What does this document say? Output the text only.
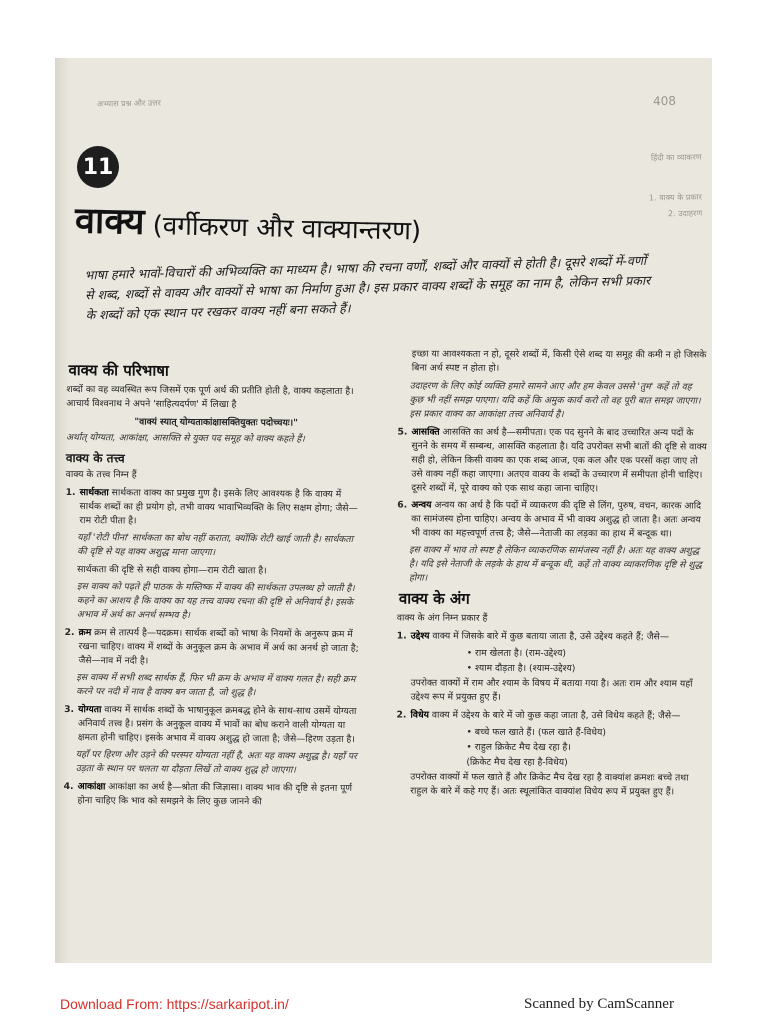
अभ्यास प्रश्न और उत्तर	408
हिंदी का व्याकरण
1. वाक्य के प्रकार
2. उदाहरण
11
वाक्य (वर्गीकरण और वाक्यान्तरण)
भाषा हमारे भावों-विचारों की अभिव्यक्ति का माध्यम है। भाषा की रचना वर्णों, शब्दों और वाक्यों से होती है। दूसरे शब्दों में-वर्णों से शब्द, शब्दों से वाक्य और वाक्यों से भाषा का निर्माण हुआ है। इस प्रकार वाक्य शब्दों के समूह का नाम है, लेकिन सभी प्रकार के शब्दों को एक स्थान पर रखकर वाक्य नहीं बना सकते हैं।
वाक्य की परिभाषा

शब्दों का वह व्यवस्थित रूप जिसमें एक पूर्ण अर्थ की प्रतीति होती है, वाक्य कहलाता है। आचार्य विश्वनाथ ने अपने 'साहित्यदर्पण' में लिखा है

"वाक्यं स्यात् योग्यताकांक्षासक्तियुक्तः पदोच्चयः।"

अर्थात् योग्यता, आकांक्षा, आसक्ति से युक्त पद समूह को वाक्य कहते हैं।

वाक्य के तत्त्व

वाक्य के तत्त्व निम्न हैं

1. सार्थकता सार्थकता वाक्य का प्रमुख गुण है। इसके लिए आवश्यक है कि वाक्य में सार्थक शब्दों का ही प्रयोग हो, तभी वाक्य भावाभिव्यक्ति के लिए सक्षम होगा; जैसे—राम रोटी पीता है।

यहाँ 'रोटी पीना' सार्थकता का बोध नहीं कराता, क्योंकि रोटी खाई जाती है। सार्थकता की दृष्टि से यह वाक्य अशुद्ध माना जाएगा।

सार्थकता की दृष्टि से सही वाक्य होगा—राम रोटी खाता है।

इस वाक्य को पढ़ते ही पाठक के मस्तिष्क में वाक्य की सार्थकता उपलब्ध हो जाती है। कहने का आशय है कि वाक्य का यह तत्त्व वाक्य रचना की दृष्टि से अनिवार्य है। इसके अभाव में अर्थ का अनर्थ सम्भव है।

2. क्रम क्रम से तात्पर्य है—पदक्रम। सार्थक शब्दों को भाषा के नियमों के अनुरूप क्रम में रखना चाहिए। वाक्य में शब्दों के अनुकूल क्रम के अभाव में अर्थ का अनर्थ हो जाता है; जैसे—नाव में नदी है।

इस वाक्य में सभी शब्द सार्थक हैं, फिर भी क्रम के अभाव में वाक्य गलत है। सही क्रम करने पर नदी में नाव है वाक्य बन जाता है, जो शुद्ध है।

3. योग्यता वाक्य में सार्थक शब्दों के भाषानुकूल क्रमबद्ध होने के साथ-साथ उसमें योग्यता अनिवार्य तत्त्व है। प्रसंग के अनुकूल वाक्य में भावों का बोध कराने वाली योग्यता या क्षमता होनी चाहिए। इसके अभाव में वाक्य अशुद्ध हो जाता है; जैसे—हिरण उड़ता है।

यहाँ पर हिरण और उड़ने की परस्पर योग्यता नहीं है, अतः यह वाक्य अशुद्ध है। यहाँ पर उड़ता के स्थान पर चलता या दौड़ता लिखें तो वाक्य शुद्ध हो जाएगा।

4. आकांक्षा आकांक्षा का अर्थ है—श्रोता की जिज्ञासा। वाक्य भाव की दृष्टि से इतना पूर्ण होना चाहिए कि भाव को समझने के लिए कुछ जानने की

इच्छा या आवश्यकता न हो, दूसरे शब्दों में, किसी ऐसे शब्द या समूह की कमी न हो जिसके बिना अर्थ स्पष्ट न होता हो।

उदाहरण के लिए कोई व्यक्ति हमारे सामने आए और हम केवल उससे 'तुम' कहें तो वह कुछ भी नहीं समझ पाएगा। यदि कहें कि अमुक कार्य करो तो वह पूरी बात समझ जाएगा। इस प्रकार वाक्य का आकांक्षा तत्त्व अनिवार्य है।

5. आसक्ति आसक्ति का अर्थ है—समीपता। एक पद सुनने के बाद उच्चारित अन्य पदों के सुनने के समय में सम्बन्ध, आसक्ति कहलाता है। यदि उपरोक्त सभी बातों की दृष्टि से वाक्य सही हो, लेकिन किसी वाक्य का एक शब्द आज, एक कल और एक परसों कहा जाए तो उसे वाक्य नहीं कहा जाएगा। अतएव वाक्य के शब्दों के उच्चारण में समीपता होनी चाहिए। दूसरे शब्दों में, पूरे वाक्य को एक साथ कहा जाना चाहिए।
6. अन्वय अन्वय का अर्थ है कि पदों में व्याकरण की दृष्टि से लिंग, पुरुष, वचन, कारक आदि का सामंजस्य होना चाहिए। अन्वय के अभाव में भी वाक्य अशुद्ध हो जाता है। अतः अन्वय भी वाक्य का महत्त्वपूर्ण तत्त्व है; जैसे—नेताजी का लड़का का हाथ में बन्दूक था।

इस वाक्य में भाव तो स्पष्ट है लेकिन व्याकरणिक सामंजस्य नहीं है। अतः यह वाक्य अशुद्ध है। यदि इसे नेताजी के लड़के के हाथ में बन्दूक थी, कहें तो वाक्य व्याकरणिक दृष्टि से शुद्ध होगा।

वाक्य के अंग

वाक्य के अंग निम्न प्रकार हैं

1. उद्देश्य वाक्य में जिसके बारे में कुछ बताया जाता है, उसे उद्देश्य कहते हैं; जैसे—

• राम खेलता है। (राम-उद्देश्य)

• श्याम दौड़ता है। (श्याम-उद्देश्य)

उपरोक्त वाक्यों में राम और श्याम के विषय में बताया गया है। अतः राम और श्याम यहाँ उद्देश्य रूप में प्रयुक्त हुए हैं।

2. विधेय वाक्य में उद्देश्य के बारे में जो कुछ कहा जाता है, उसे विधेय कहते हैं; जैसे—

• बच्चे फल खाते हैं। (फल खाते हैं-विधेय)

• राहुल क्रिकेट मैच देख रहा है।

(क्रिकेट मैच देख रहा है-विधेय)

उपरोक्त वाक्यों में फल खाते हैं और क्रिकेट मैच देख रहा है वाक्यांश क्रमशः बच्चे तथा राहुल के बारे में कहे गए हैं। अतः स्थूलांकित वाक्यांश विधेय रूप में प्रयुक्त हुए हैं।

Download From: https://sarkaripot.in/	Scanned by CamScanner
